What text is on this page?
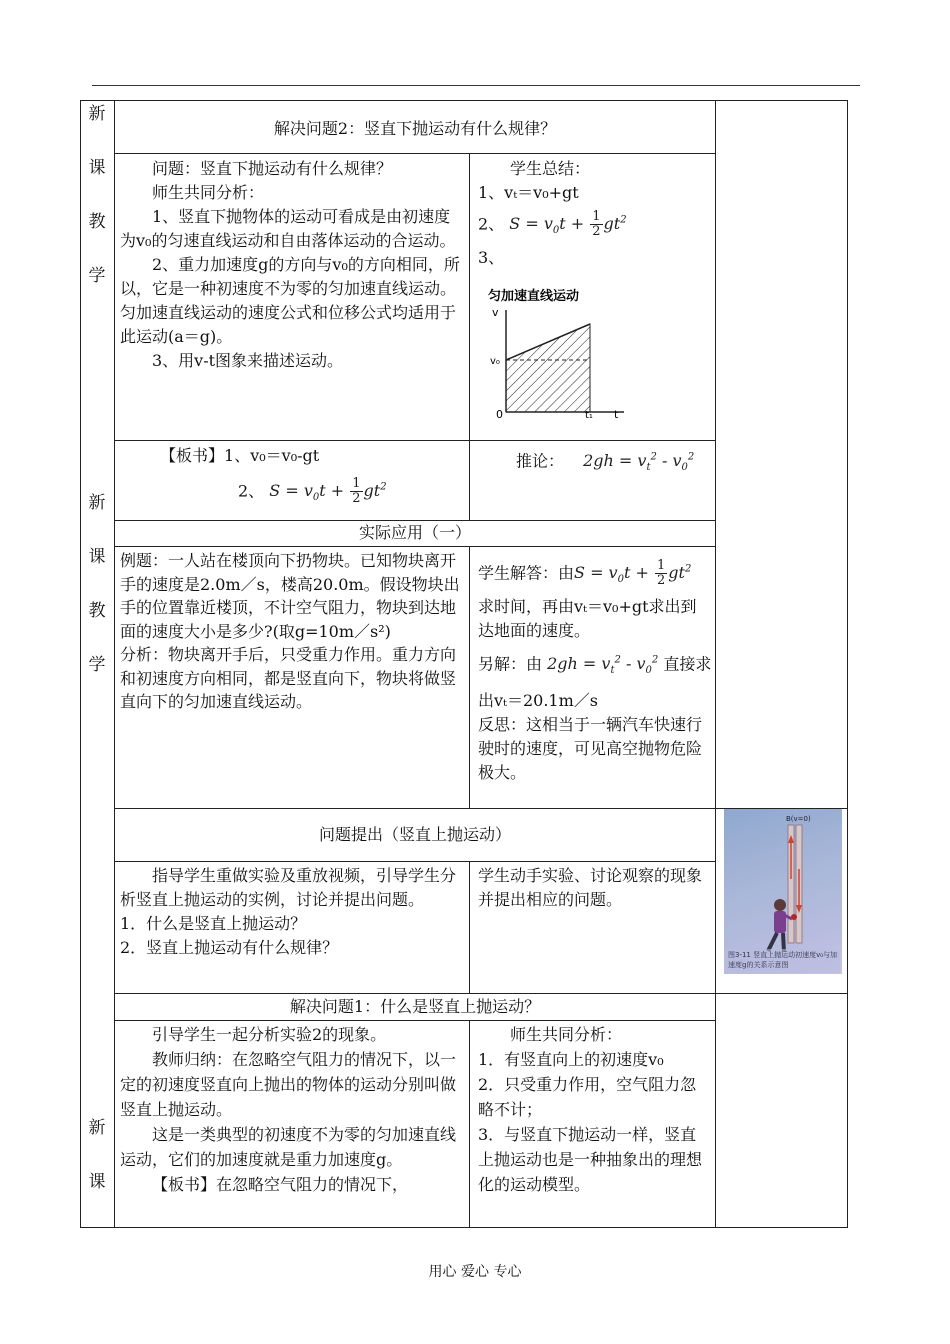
新
课
教
学
新
课
教
学
新
课
解决问题2：竖直下抛运动有什么规律？

问题：竖直下抛运动有什么规律？

师生共同分析：

1、竖直下抛物体的运动可看成是由初速度为v₀的匀速直线运动和自由落体运动的合运动。

2、重力加速度g的方向与v₀的方向相同，所以，它是一种初速度不为零的匀加速直线运动。匀加速直线运动的速度公式和位移公式均适用于此运动(a＝g)。

3、用v-t图象来描述运动。

学生总结：

1、vₜ＝v₀+gt

2、 $S = v_0t + \frac{1}{2} gt^2$

3、

匀加速直线运动
v
v₀
0	t₁ t

【板书】1、v₀＝v₀-gt

2、 $S = v_0t + \frac{1}{2} gt^2$

推论： $2gh = v_t^2 - v_0^2$
实际应用（一）

例题：一人站在楼顶向下扔物块。已知物块离开手的速度是2.0m／s，楼高20.0m。假设物块出手的位置靠近楼顶，不计空气阻力，物块到达地面的速度大小是多少?(取g=10m／s²)

分析：物块离开手后，只受重力作用。重力方向和初速度方向相同，都是竖直向下，物块将做竖直向下的匀加速直线运动。

学生解答：由$S = v_0t + \frac{1}{2} gt^2$

求时间，再由vₜ＝v₀+gt求出到达地面的速度。

另解：由 $2gh = v_t^2 - v_0^2$ 直接求

出vₜ＝20.1m／s

反思：这相当于一辆汽车快速行驶时的速度，可见高空抛物危险极大。

问题提出（竖直上抛运动）

指导学生重做实验及重放视频，引导学生分析竖直上抛运动的实例，讨论并提出问题。

1．什么是竖直上抛运动？

2．竖直上抛运动有什么规律？

学生动手实验、讨论观察的现象并提出相应的问题。
B(v=0)
图3-11 竖直上抛运动初速度v₀与加速度g的关系示意图
解决问题1：什么是竖直上抛运动？

引导学生一起分析实验2的现象。

教师归纳：在忽略空气阻力的情况下，以一定的初速度竖直向上抛出的物体的运动分别叫做竖直上抛运动。

这是一类典型的初速度不为零的匀加速直线运动，它们的加速度就是重力加速度g。

【板书】在忽略空气阻力的情况下，

师生共同分析：

1．有竖直向上的初速度v₀

2．只受重力作用，空气阻力忽略不计；

3．与竖直下抛运动一样，竖直上抛运动也是一种抽象出的理想化的运动模型。

用心 爱心 专心
